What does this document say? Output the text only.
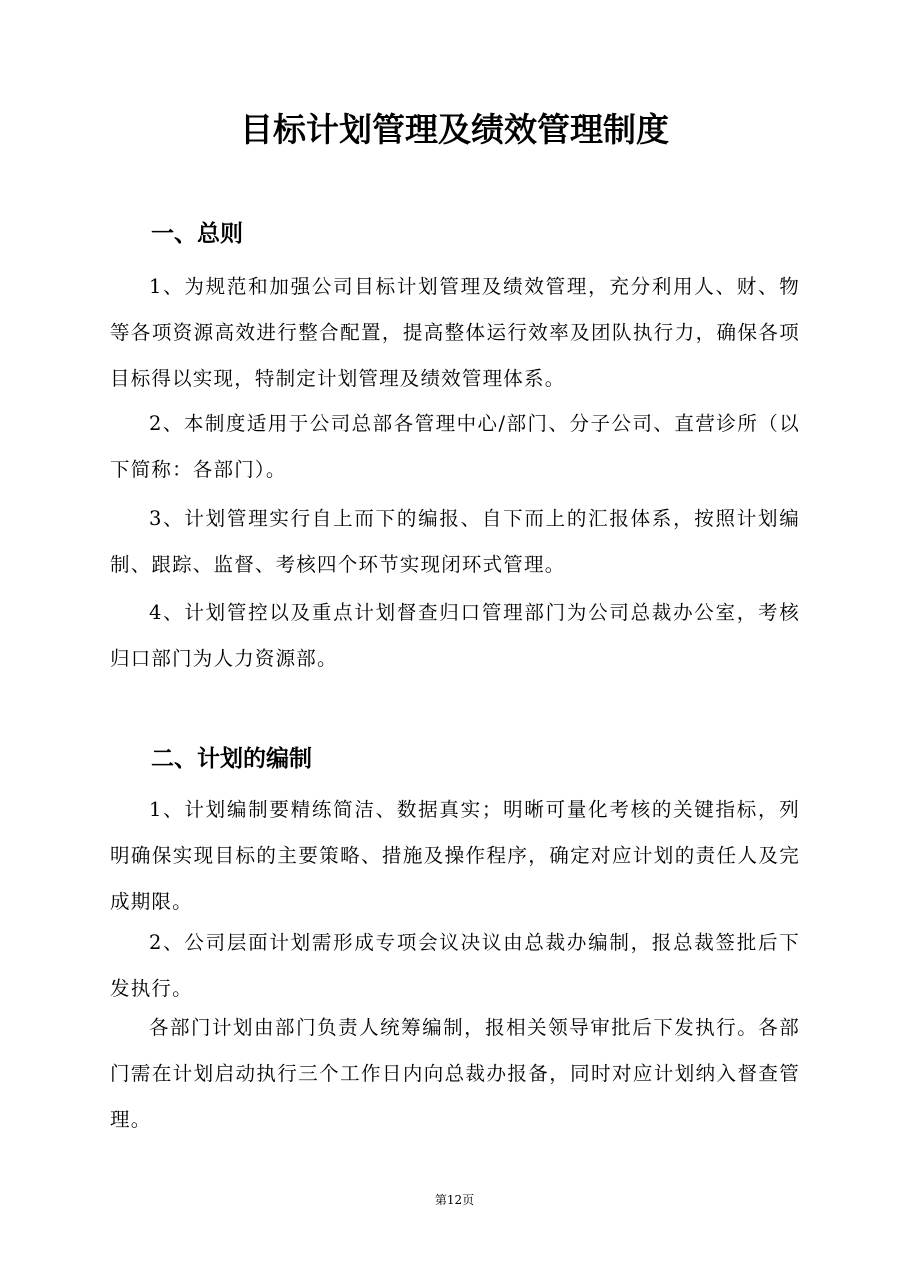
目标计划管理及绩效管理制度
一、总则

1、为规范和加强公司目标计划管理及绩效管理，充分利用人、财、物等各项资源高效进行整合配置，提高整体运行效率及团队执行力，确保各项目标得以实现，特制定计划管理及绩效管理体系。

2、本制度适用于公司总部各管理中心/部门、分子公司、直营诊所（以下简称：各部门）。

3、计划管理实行自上而下的编报、自下而上的汇报体系，按照计划编制、跟踪、监督、考核四个环节实现闭环式管理。

4、计划管控以及重点计划督查归口管理部门为公司总裁办公室，考核归口部门为人力资源部。

二、计划的编制

1、计划编制要精练简洁、数据真实；明晰可量化考核的关键指标，列明确保实现目标的主要策略、措施及操作程序，确定对应计划的责任人及完成期限。

2、公司层面计划需形成专项会议决议由总裁办编制，报总裁签批后下发执行。

各部门计划由部门负责人统筹编制，报相关领导审批后下发执行。各部门需在计划启动执行三个工作日内向总裁办报备，同时对应计划纳入督查管理。

第12页
